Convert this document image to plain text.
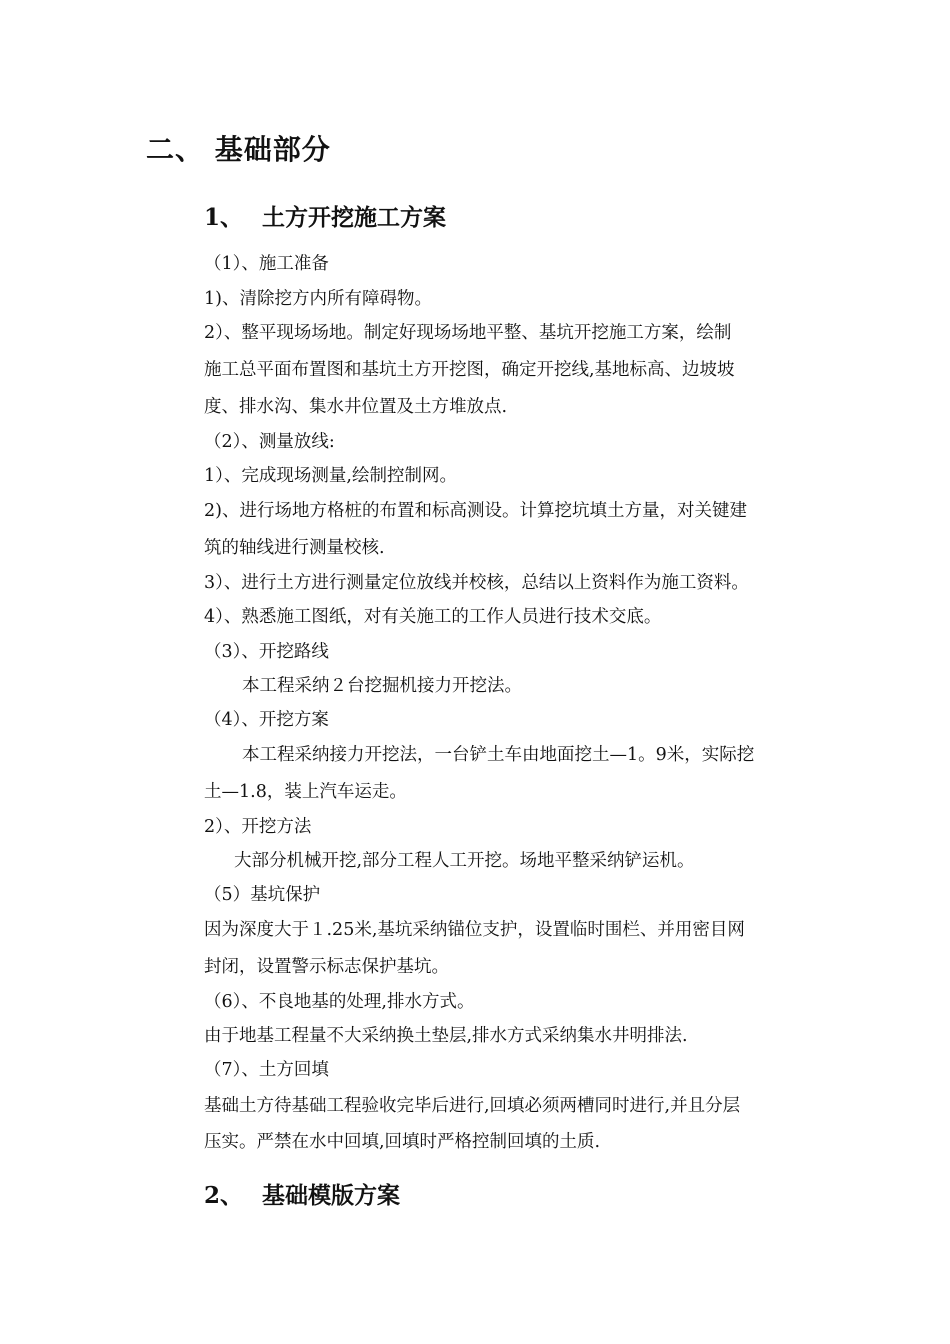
二、 基础部分
1、 土方开挖施工方案
（1）、施工准备
1)、清除挖方内所有障碍物。
2）、整平现场场地。制定好现场场地平整、基坑开挖施工方案，绘制
施工总平面布置图和基坑土方开挖图，确定开挖线,基地标高、边坡坡
度、排水沟、集水井位置及土方堆放点.
（2）、测量放线:
1）、完成现场测量,绘制控制网。
2)、进行场地方格桩的布置和标高测设。计算挖坑填土方量，对关键建
筑的轴线进行测量校核.
3）、进行土方进行测量定位放线并校核，总结以上资料作为施工资料。
4）、熟悉施工图纸，对有关施工的工作人员进行技术交底。
（3）、开挖路线
本工程采纳２台挖掘机接力开挖法。
（4）、开挖方案
本工程采纳接力开挖法，一台铲土车由地面挖土—1。9米，实际挖
土—1.8，装上汽车运走。
2）、开挖方法
大部分机械开挖,部分工程人工开挖。场地平整采纳铲运机。
（5）基坑保护
因为深度大于１.25米,基坑采纳锚位支护，设置临时围栏、并用密目网
封闭，设置警示标志保护基坑。
（6）、不良地基的处理,排水方式。
由于地基工程量不大采纳换土垫层,排水方式采纳集水井明排法.
（7）、土方回填
基础土方待基础工程验收完毕后进行,回填必须两槽同时进行,并且分层
压实。严禁在水中回填,回填时严格控制回填的土质.
2、 基础模版方案
